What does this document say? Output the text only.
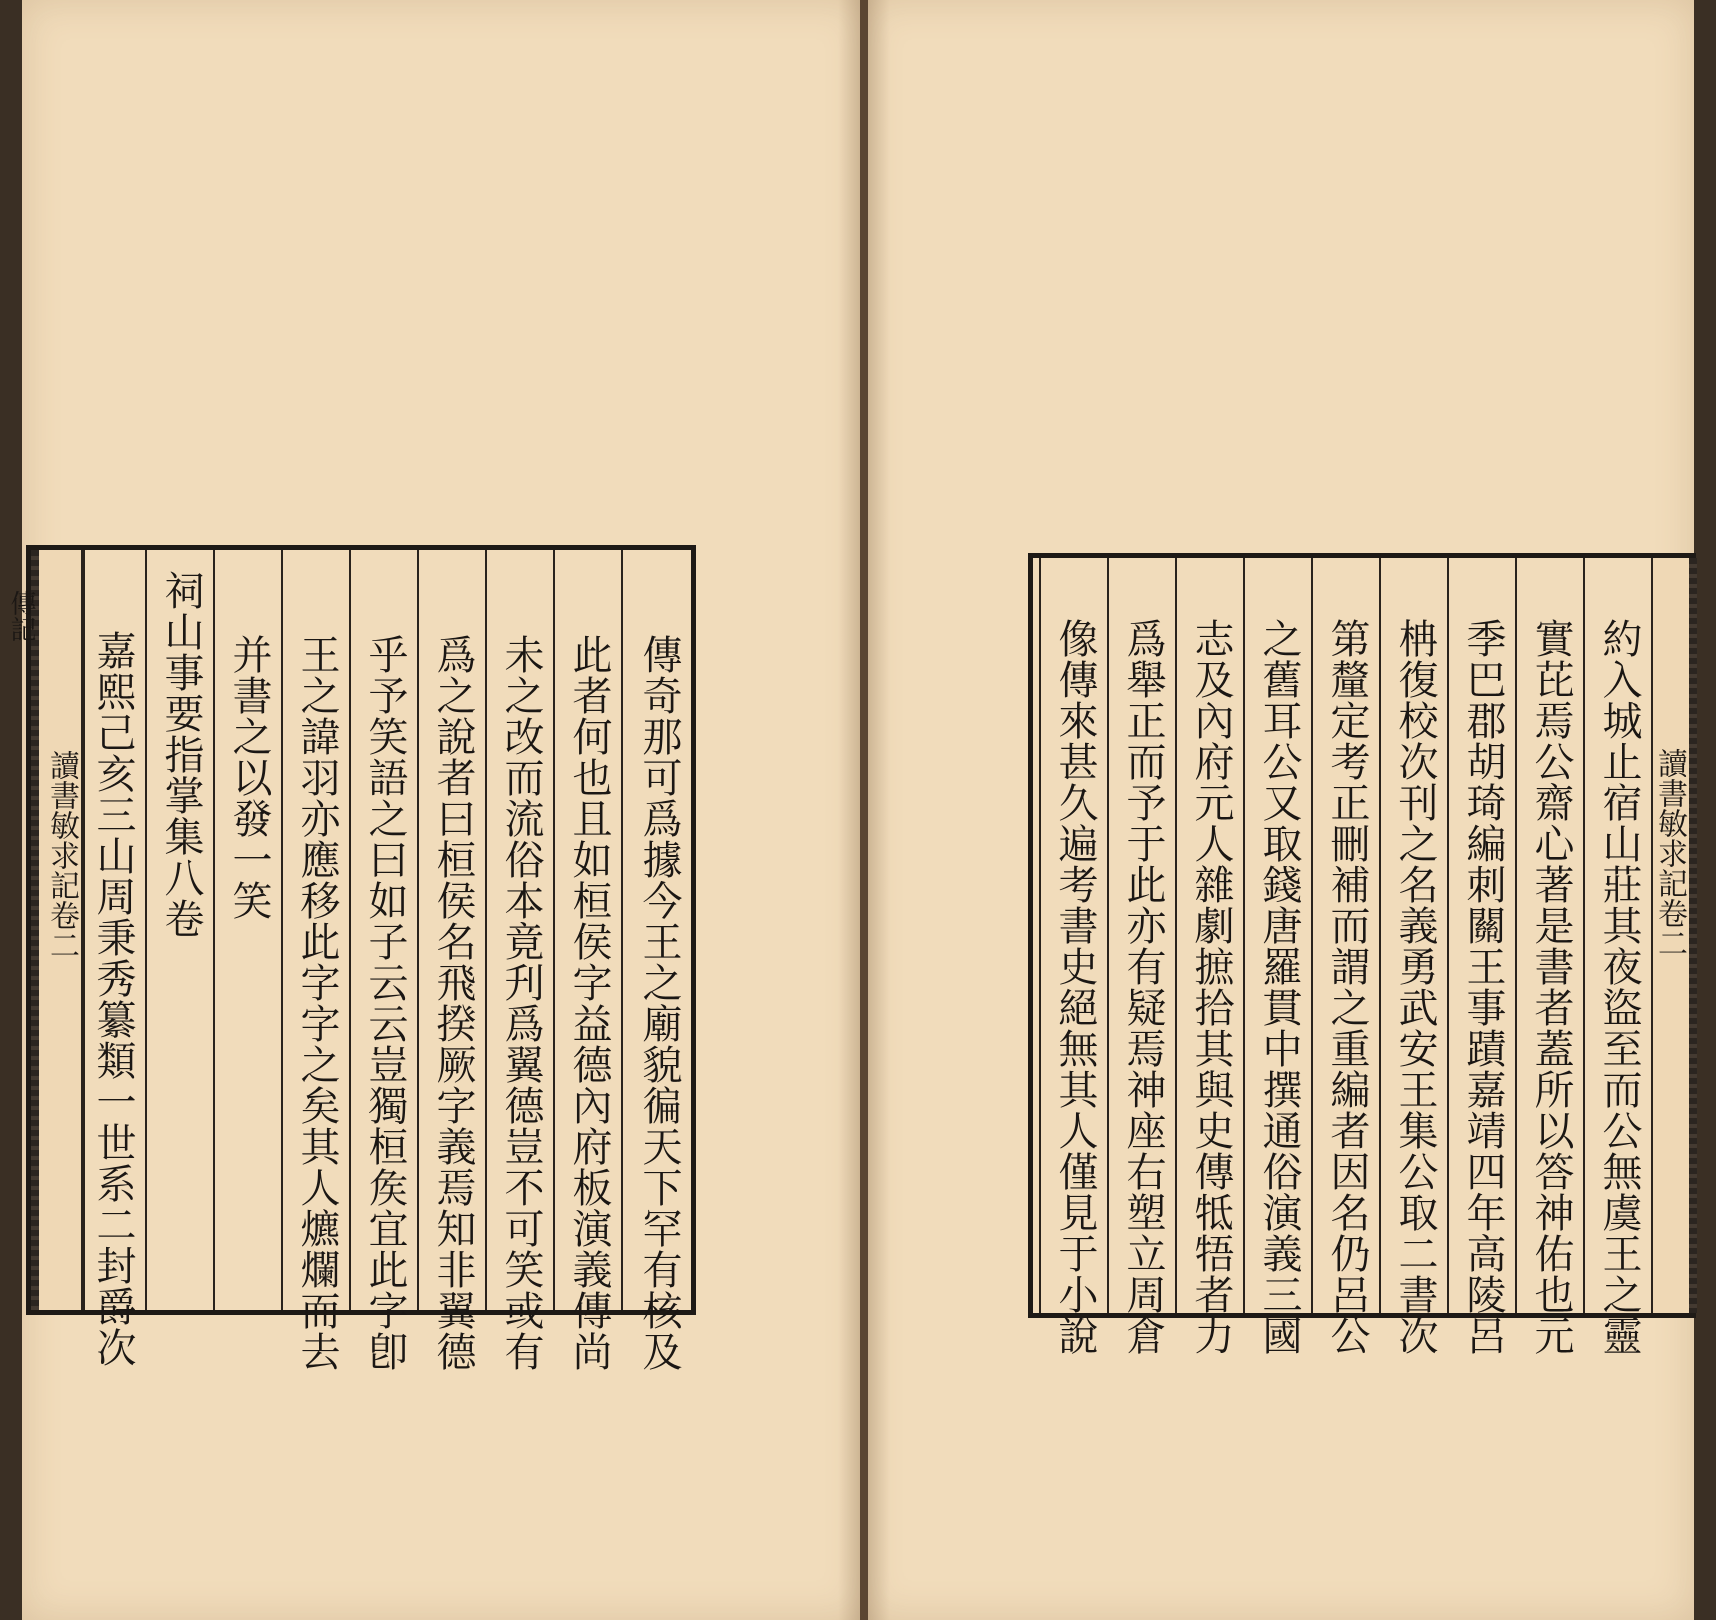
讀書敏求記卷二
傳記
傳奇那可爲據今王之廟貌徧天下罕有核及
此者何也且如桓侯字益德內府板演義傳尚
未之改而流俗本竟刋爲翼德豈不可笑或有
爲之說者曰桓侯名飛揆厥字義焉知非翼德
乎予笑語之曰如子云云豈獨桓矦宜此字卽
王之諱羽亦應移此字字之矣其人爊爛而去
并書之以發一笑
祠山事要指掌集八卷
嘉熙己亥三山周秉秀纂類一世系二封爵次	讀書敏求記卷二
約入城止宿山莊其夜盜至而公無虞王之靈
實芘焉公齋心著是書者蓋所以答神佑也元
季巴郡胡琦編刺關王事蹟嘉靖四年高陵呂
柟復校次刊之名義勇武安王集公取二書次
第釐定考正刪補而謂之重編者因名仍呂公
之舊耳公又取錢唐羅貫中撰通俗演義三國
志及內府元人雜劇摭拾其與史傳牴牾者力
爲舉正而予于此亦有疑焉神座右塑立周倉
像傳來甚久遍考書史絕無其人僅見于小說
